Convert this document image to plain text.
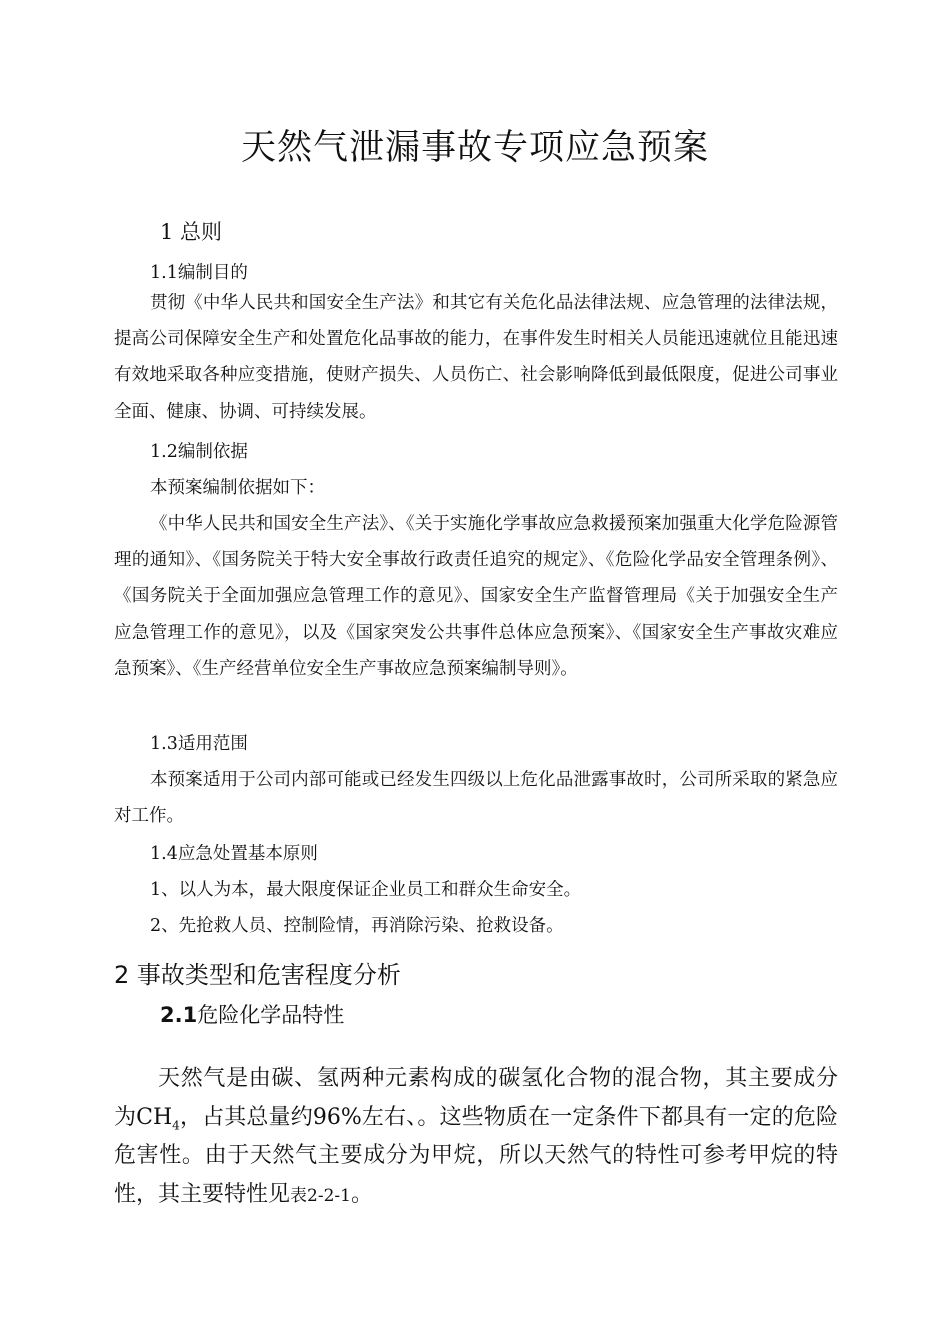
天然气泄漏事故专项应急预案
1 总则
1.1编制目的
贯彻《中华人民共和国安全生产法》和其它有关危化品法律法规、应急管理的法律法规，提高公司保障安全生产和处置危化品事故的能力，在事件发生时相关人员能迅速就位且能迅速有效地采取各种应变措施，使财产损失、人员伤亡、社会影响降低到最低限度，促进公司事业全面、健康、协调、可持续发展。
1.2编制依据
本预案编制依据如下：
《中华人民共和国安全生产法》、《关于实施化学事故应急救援预案加强重大化学危险源管理的通知》、《国务院关于特大安全事故行政责任追究的规定》、《危险化学品安全管理条例》、《国务院关于全面加强应急管理工作的意见》、国家安全生产监督管理局《关于加强安全生产应急管理工作的意见》，以及《国家突发公共事件总体应急预案》、《国家安全生产事故灾难应急预案》、《生产经营单位安全生产事故应急预案编制导则》。
1.3适用范围
本预案适用于公司内部可能或已经发生四级以上危化品泄露事故时，公司所采取的紧急应对工作。
1.4应急处置基本原则
1、以人为本，最大限度保证企业员工和群众生命安全。
2、先抢救人员、控制险情，再消除污染、抢救设备。
2 事故类型和危害程度分析
2.1危险化学品特性
天然气是由碳、氢两种元素构成的碳氢化合物的混合物，其主要成分为$CH_4$，占其总量约96%左右、。这些物质在一定条件下都具有一定的危险危害性。由于天然气主要成分为甲烷，所以天然气的特性可参考甲烷的特性，其主要特性见表2-2-1。
